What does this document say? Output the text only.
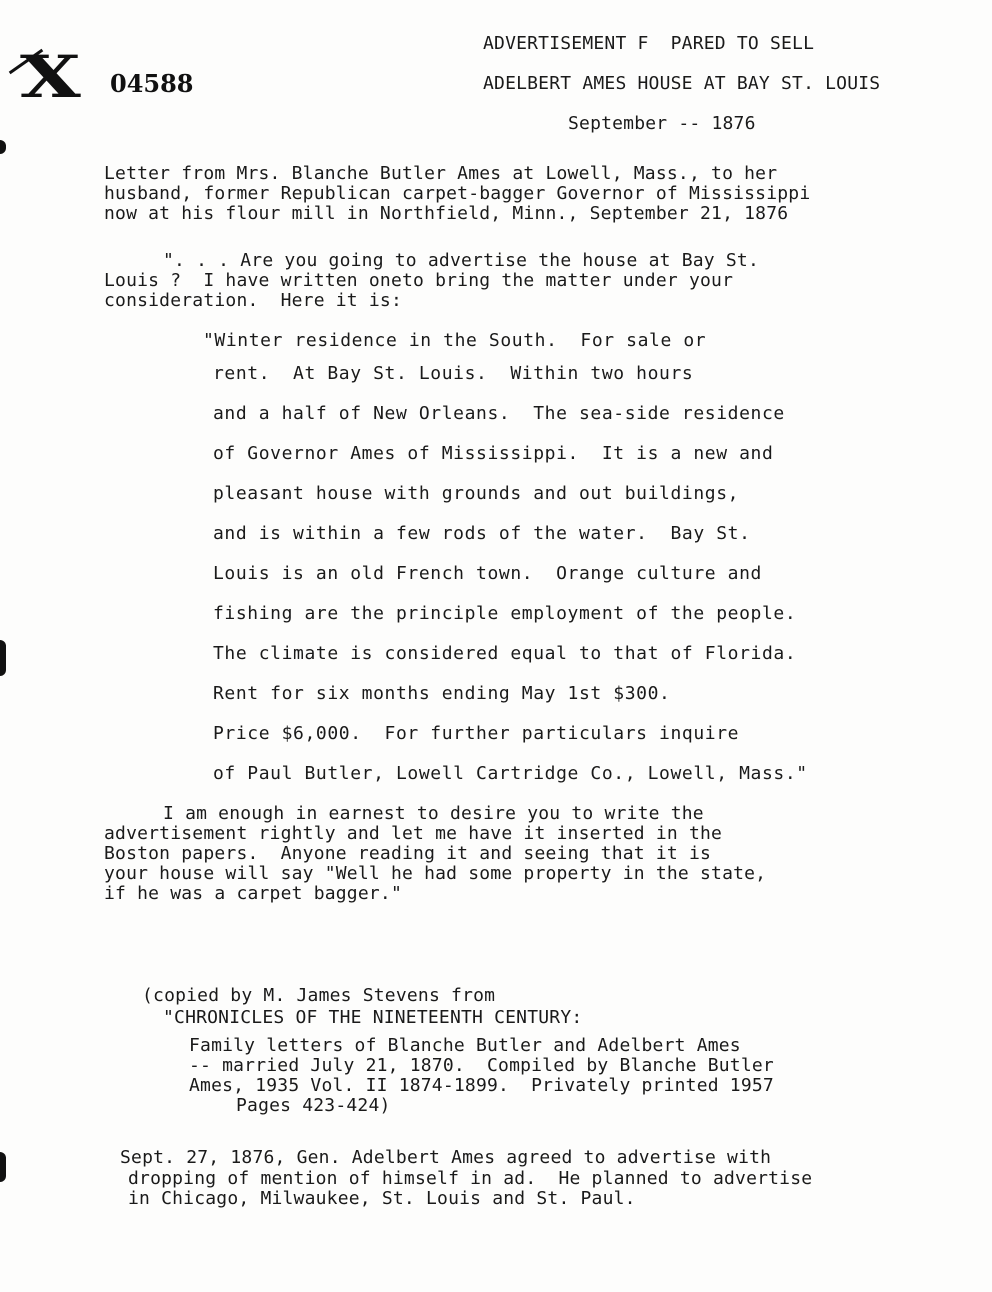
X 04588
ADVERTISEMENT F  PARED TO SELL
ADELBERT AMES HOUSE AT BAY ST. LOUIS
September -- 1876
Letter from Mrs. Blanche Butler Ames at Lowell, Mass., to her
husband, former Republican carpet-bagger Governor of Mississippi
now at his flour mill in Northfield, Minn., September 21, 1876
". . . Are you going to advertise the house at Bay St.
Louis ?  I have written oneto bring the matter under your
consideration.  Here it is:
"Winter residence in the South.  For sale or
rent.  At Bay St. Louis.  Within two hours
and a half of New Orleans.  The sea-side residence
of Governor Ames of Mississippi.  It is a new and
pleasant house with grounds and out buildings,
and is within a few rods of the water.  Bay St.
Louis is an old French town.  Orange culture and
fishing are the principle employment of the people.
The climate is considered equal to that of Florida.
Rent for six months ending May 1st $300.
Price $6,000.  For further particulars inquire
of Paul Butler, Lowell Cartridge Co., Lowell, Mass."
I am enough in earnest to desire you to write the
advertisement rightly and let me have it inserted in the
Boston papers.  Anyone reading it and seeing that it is
your house will say "Well he had some property in the state,
if he was a carpet bagger."
(copied by M. James Stevens from
"CHRONICLES OF THE NINETEENTH CENTURY:
Family letters of Blanche Butler and Adelbert Ames
-- married July 21, 1870.  Compiled by Blanche Butler
Ames, 1935 Vol. II 1874-1899.  Privately printed 1957
Pages 423-424)
Sept. 27, 1876, Gen. Adelbert Ames agreed to advertise with
dropping of mention of himself in ad.  He planned to advertise
in Chicago, Milwaukee, St. Louis and St. Paul.
